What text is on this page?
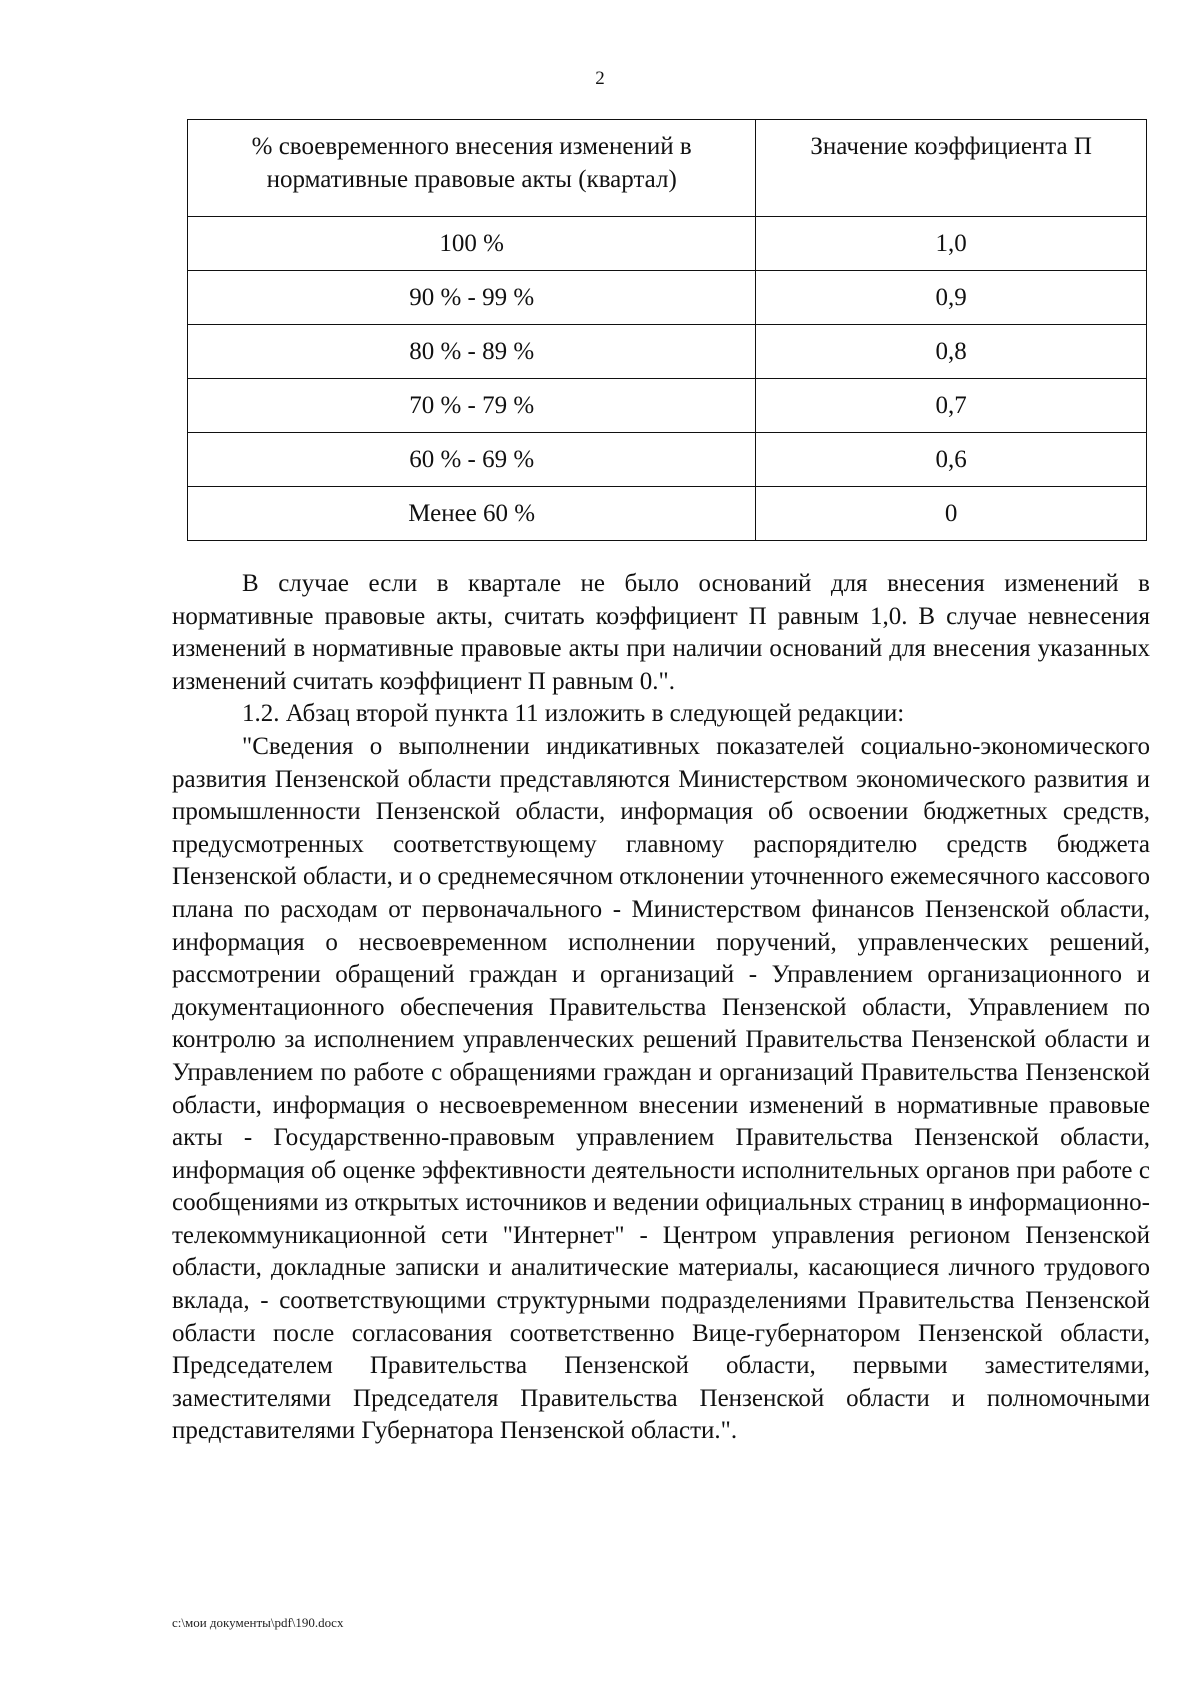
2
% своевременного внесения изменений в нормативные правовые акты (квартал)	Значение коэффициента П
100 %	1,0
90 % - 99 %	0,9
80 % - 89 %	0,8
70 % - 79 %	0,7
60 % - 69 %	0,6
Менее 60 %	0

В случае если в квартале не было оснований для внесения изменений в нормативные правовые акты, считать коэффициент П равным 1,0. В случае невнесения изменений в нормативные правовые акты при наличии оснований для внесения указанных изменений считать коэффициент П равным 0.".

1.2. Абзац второй пункта 11 изложить в следующей редакции:

"Сведения о выполнении индикативных показателей социально-экономического развития Пензенской области представляются Министерством экономического развития и промышленности Пензенской области, информация об освоении бюджетных средств, предусмотренных соответствующему главному распорядителю средств бюджета Пензенской области, и о среднемесячном отклонении уточненного ежемесячного кассового плана по расходам от первоначального - Министерством финансов Пензенской области, информация о несвоевременном исполнении поручений, управленческих решений, рассмотрении обращений граждан и организаций - Управлением организационного и документационного обеспечения Правительства Пензенской области, Управлением по контролю за исполнением управленческих решений Правительства Пензенской области и Управлением по работе с обращениями граждан и организаций Правительства Пензенской области, информация о несвоевременном внесении изменений в нормативные правовые акты - Государственно-правовым управлением Правительства Пензенской области, информация об оценке эффективности деятельности исполнительных органов при работе с сообщениями из открытых источников и ведении официальных страниц в информационно-телекоммуникационной сети "Интернет" - Центром управления регионом Пензенской области, докладные записки и аналитические материалы, касающиеся личного трудового вклада, - соответствующими структурными подразделениями Правительства Пензенской области после согласования соответственно Вице-губернатором Пензенской области, Председателем Правительства Пензенской области, первыми заместителями, заместителями Председателя Правительства Пензенской области и полномочными представителями Губернатора Пензенской области.".

c:\мои документы\pdf\190.docx
